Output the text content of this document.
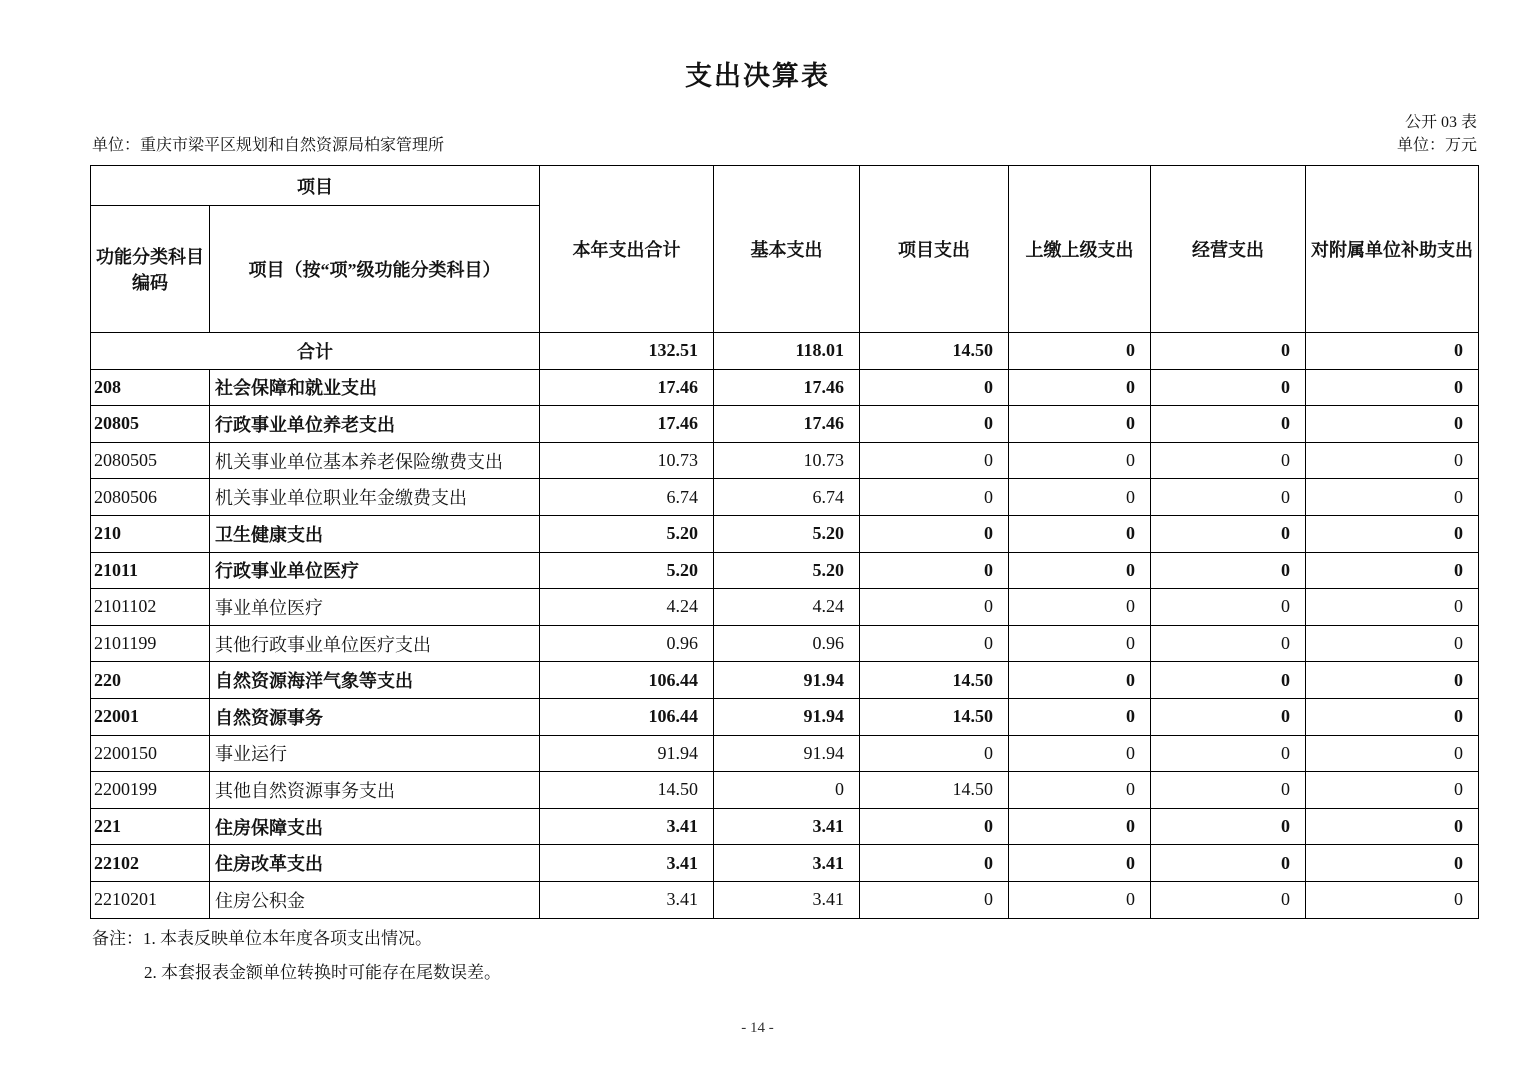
支出决算表
公开 03 表
单位：重庆市梁平区规划和自然资源局柏家管理所	单位：万元
项目		本年支出合计	基本支出	项目支出	上缴上级支出	经营支出	对附属单位补助支出
功能分类科目编码	项目（按“项”级功能分类科目）						
合计		132.51	118.01	14.50	0	0	0
208	社会保障和就业支出	17.46	17.46	0	0	0	0
20805	行政事业单位养老支出	17.46	17.46	0	0	0	0
2080505	机关事业单位基本养老保险缴费支出	10.73	10.73	0	0	0	0
2080506	机关事业单位职业年金缴费支出	6.74	6.74	0	0	0	0
210	卫生健康支出	5.20	5.20	0	0	0	0
21011	行政事业单位医疗	5.20	5.20	0	0	0	0
2101102	事业单位医疗	4.24	4.24	0	0	0	0
2101199	其他行政事业单位医疗支出	0.96	0.96	0	0	0	0
220	自然资源海洋气象等支出	106.44	91.94	14.50	0	0	0
22001	自然资源事务	106.44	91.94	14.50	0	0	0
2200150	事业运行	91.94	91.94	0	0	0	0
2200199	其他自然资源事务支出	14.50	0	14.50	0	0	0
221	住房保障支出	3.41	3.41	0	0	0	0
22102	住房改革支出	3.41	3.41	0	0	0	0
2210201	住房公积金	3.41	3.41	0	0	0	0
备注：1. 本表反映单位本年度各项支出情况。
2. 本套报表金额单位转换时可能存在尾数误差。
- 14 -
